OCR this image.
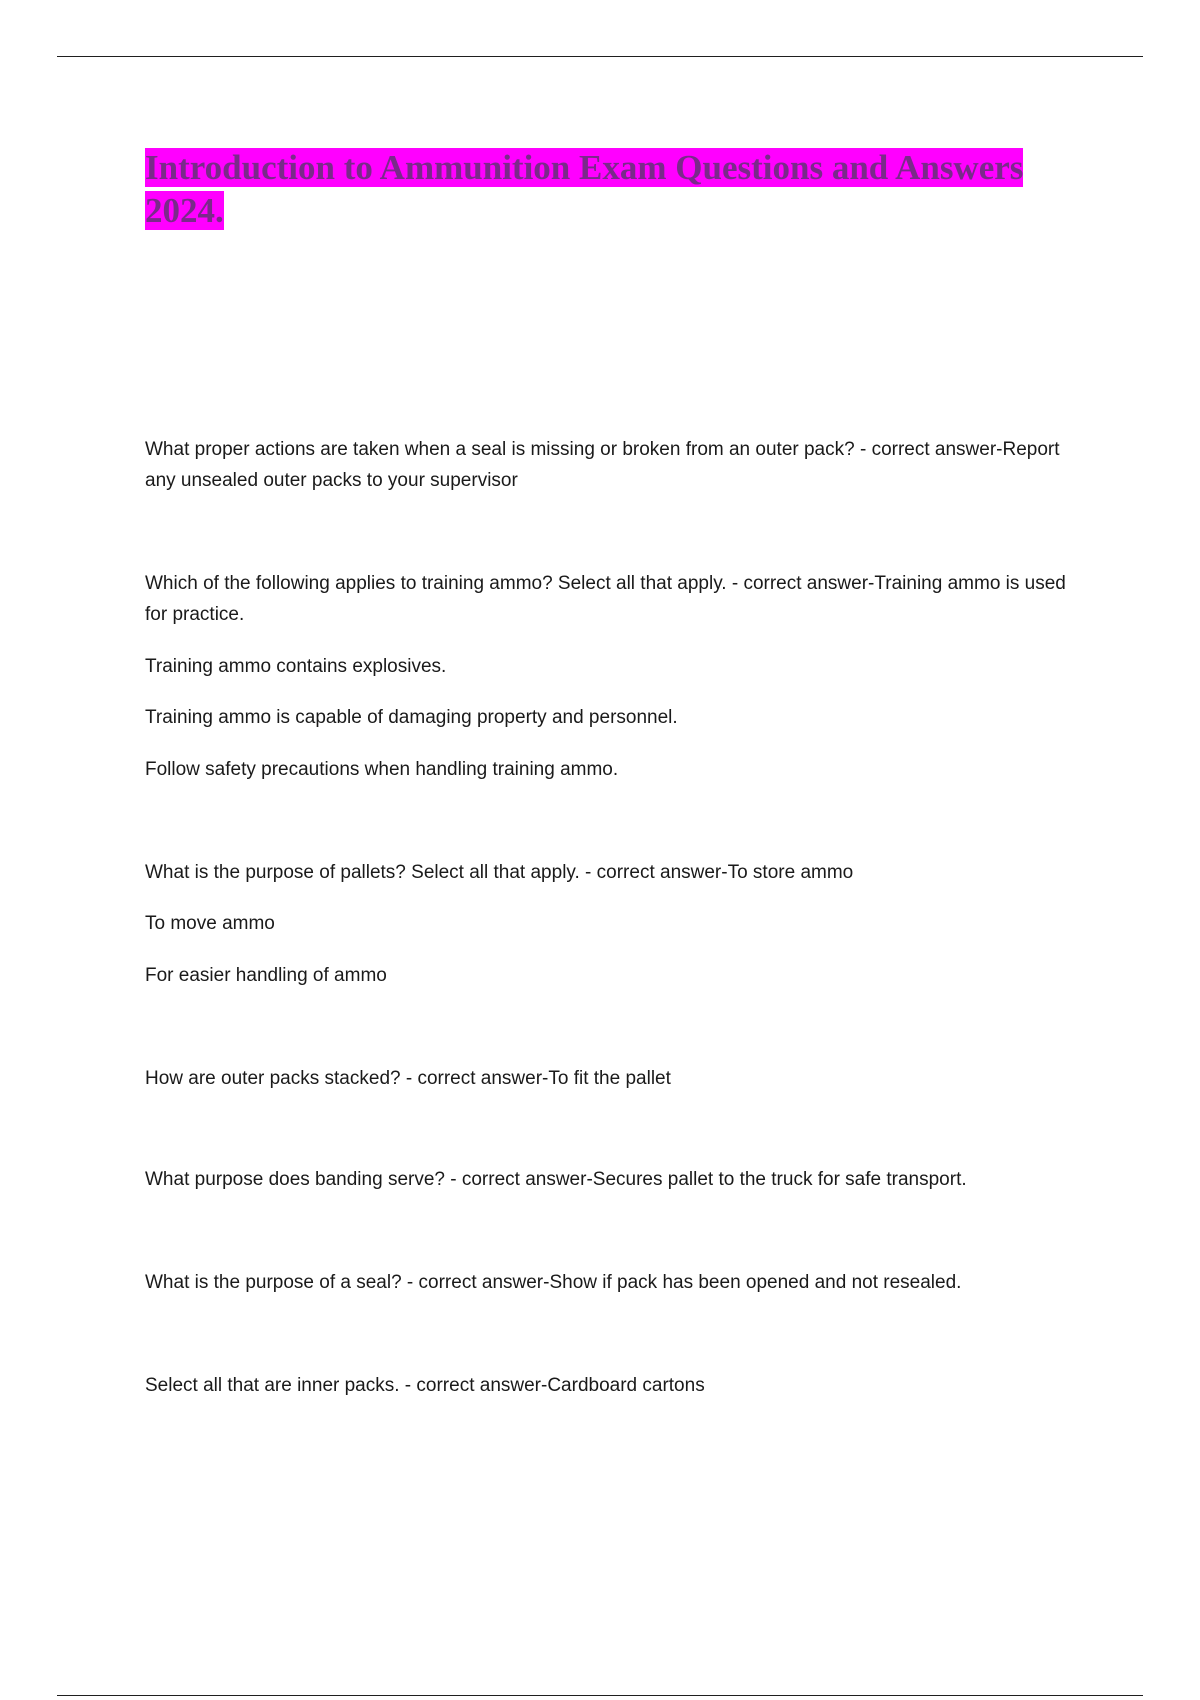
Introduction to Ammunition Exam Questions and Answers 2024.

What proper actions are taken when a seal is missing or broken from an outer pack? - correct answer-Report any unsealed outer packs to your supervisor

Which of the following applies to training ammo? Select all that apply. - correct answer-Training ammo is used for practice.

Training ammo contains explosives.

Training ammo is capable of damaging property and personnel.

Follow safety precautions when handling training ammo.

What is the purpose of pallets? Select all that apply. - correct answer-To store ammo

To move ammo

For easier handling of ammo

How are outer packs stacked? - correct answer-To fit the pallet

What purpose does banding serve? - correct answer-Secures pallet to the truck for safe transport.

What is the purpose of a seal? - correct answer-Show if pack has been opened and not resealed.

Select all that are inner packs. - correct answer-Cardboard cartons
